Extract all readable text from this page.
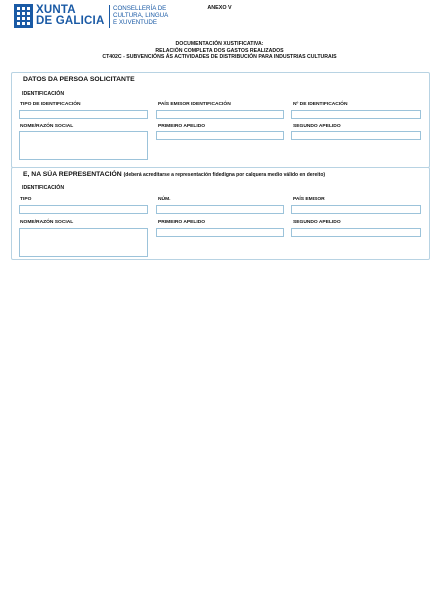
XUNTA
DE GALICIA
CONSELLERÍA DE
CULTURA, LINGUA
E XUVENTUDE
ANEXO V
DOCUMENTACIÓN XUSTIFICATIVA:
RELACIÓN COMPLETA DOS GASTOS REALIZADOS
CT402C - SUBVENCIÓNS ÁS ACTIVIDADES DE DISTRIBUCIÓN PARA INDUSTRIAS CULTURAIS
DATOS DA PERSOA SOLICITANTE
IDENTIFICACIÓN
TIPO DE IDENTIFICACIÓN	PAÍS EMISOR IDENTIFICACIÓN	Nº DE IDENTIFICACIÓN
NOME/RAZÓN SOCIAL	PRIMEIRO APELIDO	SEGUNDO APELIDO
E, NA SÚA REPRESENTACIÓN (deberá acreditarse a representación fidedigna por calquera medio válido en dereito)
IDENTIFICACIÓN
TIPO	NÚM.	PAÍS EMISOR
NOME/RAZÓN SOCIAL	PRIMEIRO APELIDO	SEGUNDO APELIDO
